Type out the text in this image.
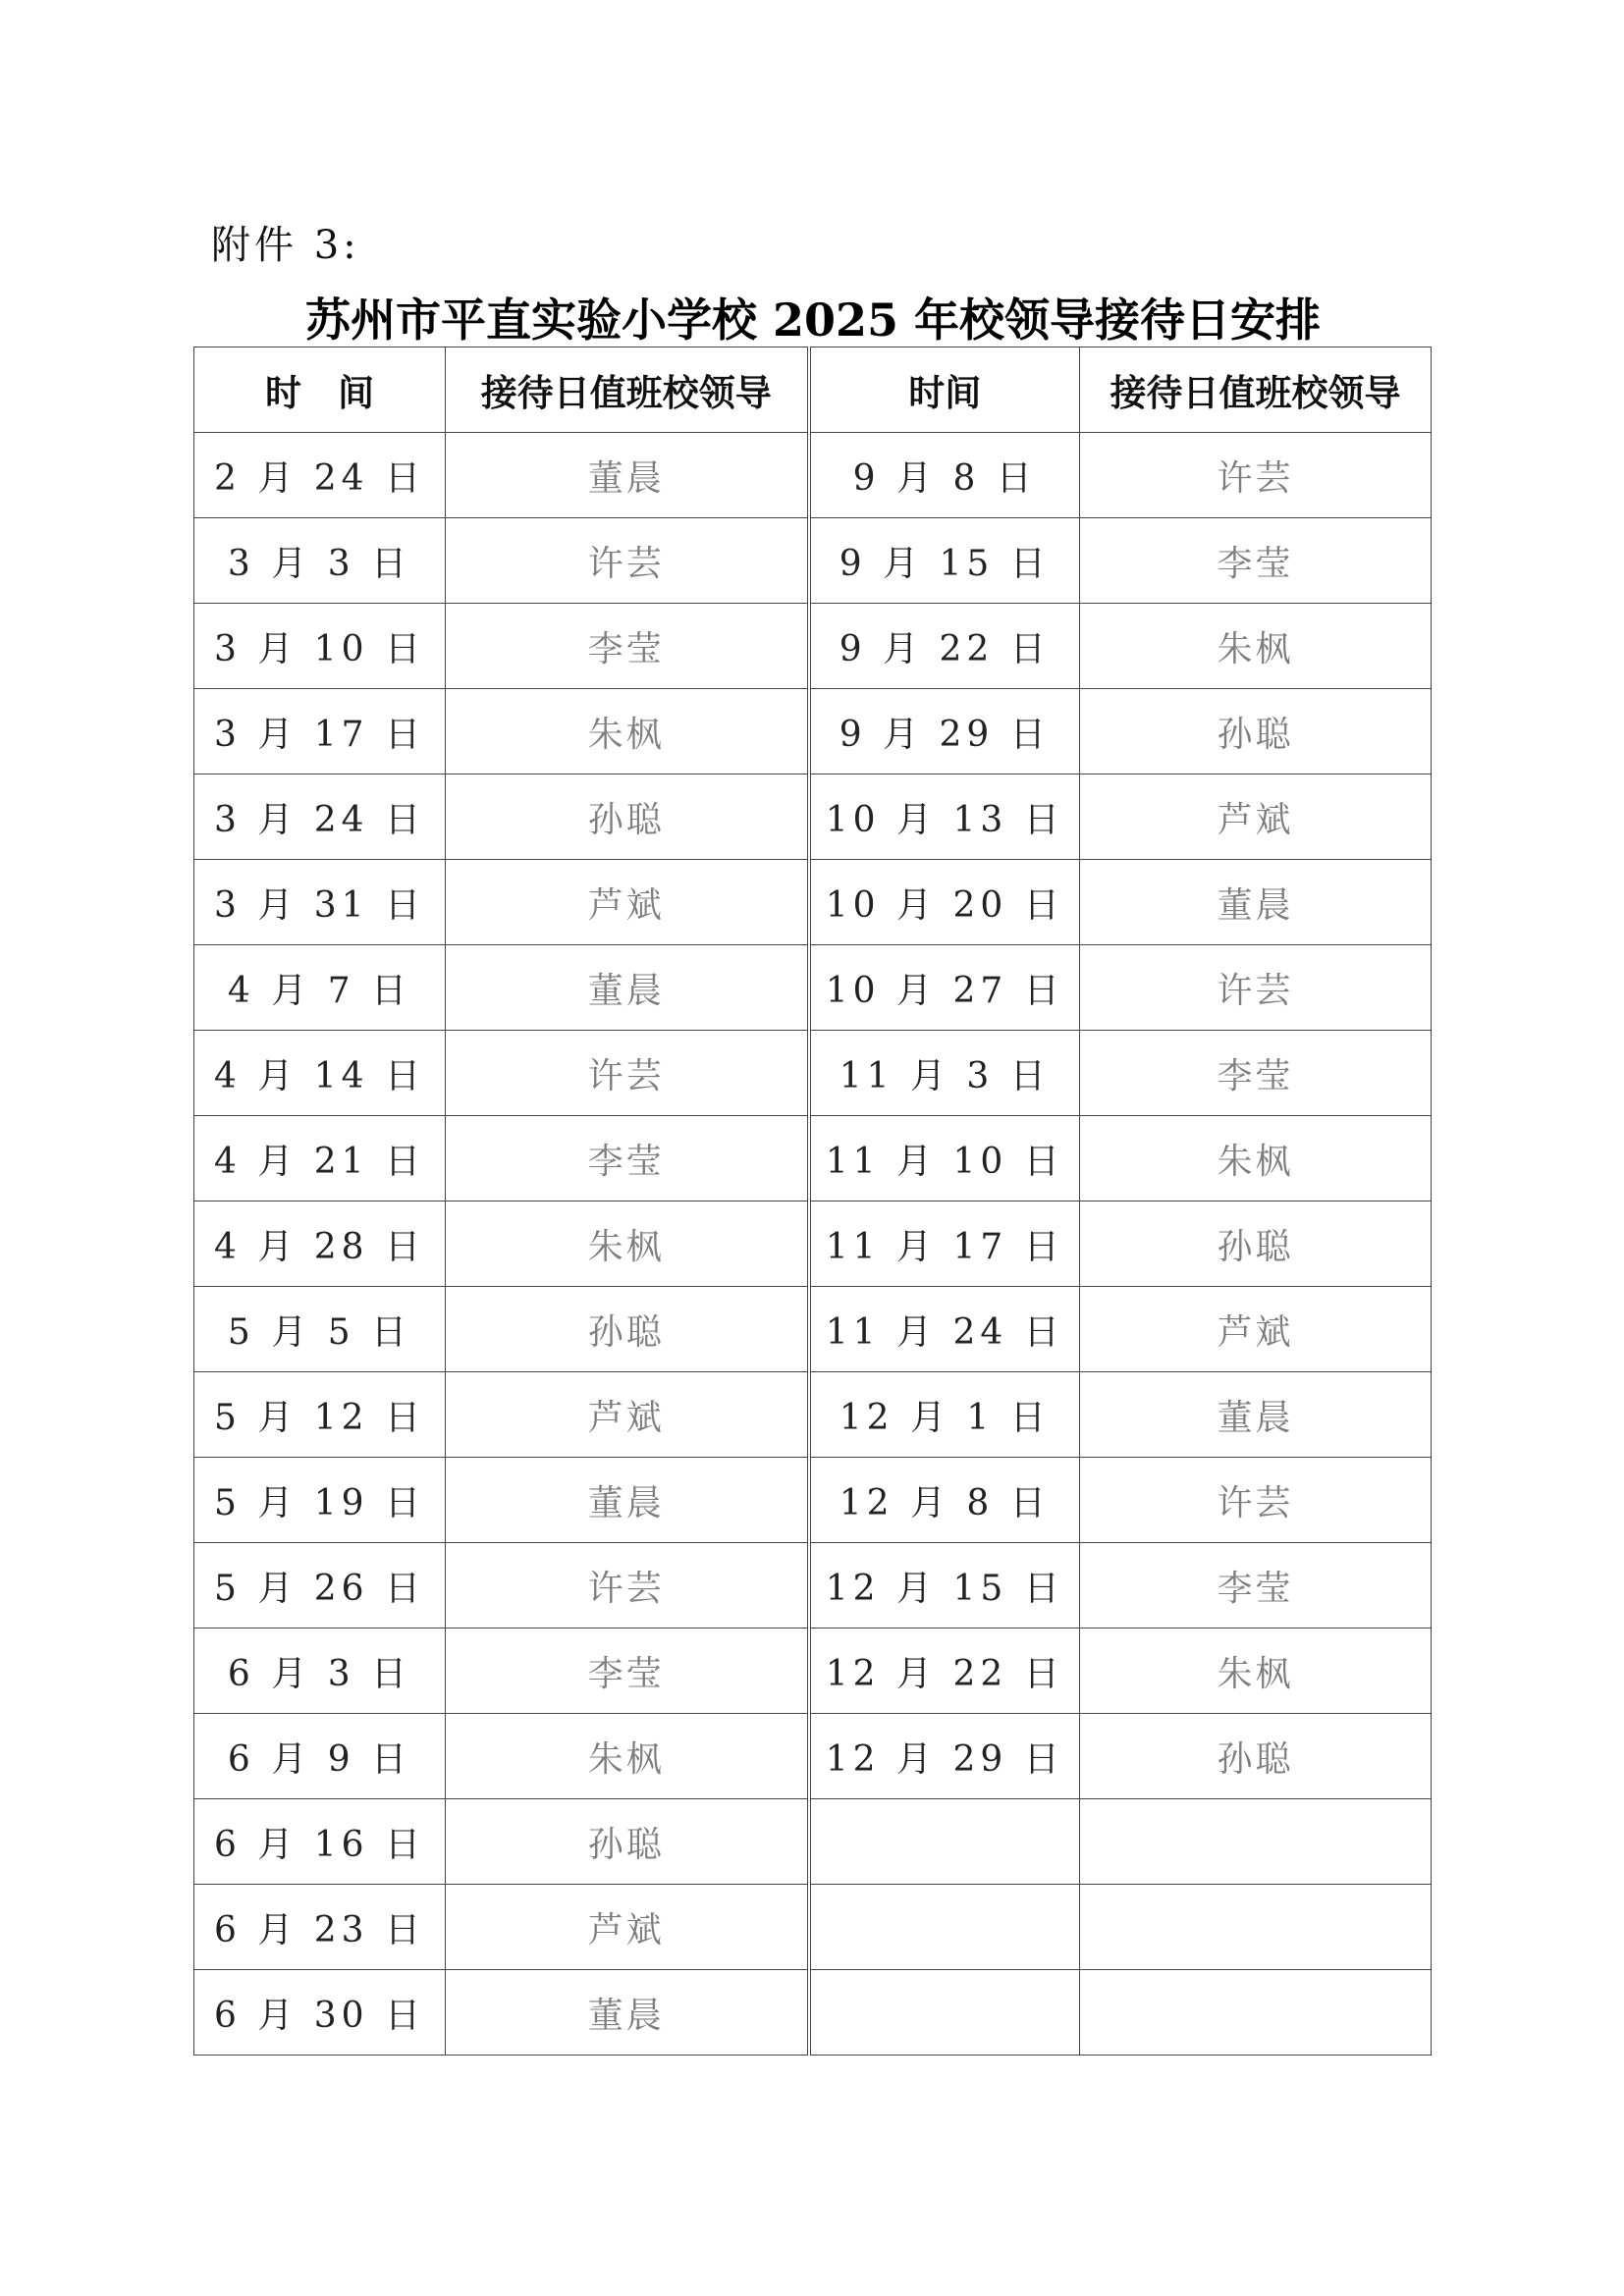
附件 3:
苏州市平直实验小学校 2025 年校领导接待日安排
时　间	接待日值班校领导	时间	接待日值班校领导
2 月 24 日	董晨	9 月 8 日	许芸
3 月 3 日	许芸	9 月 15 日	李莹
3 月 10 日	李莹	9 月 22 日	朱枫
3 月 17 日	朱枫	9 月 29 日	孙聪
3 月 24 日	孙聪	10 月 13 日	芦斌
3 月 31 日	芦斌	10 月 20 日	董晨
4 月 7 日	董晨	10 月 27 日	许芸
4 月 14 日	许芸	11 月 3 日	李莹
4 月 21 日	李莹	11 月 10 日	朱枫
4 月 28 日	朱枫	11 月 17 日	孙聪
5 月 5 日	孙聪	11 月 24 日	芦斌
5 月 12 日	芦斌	12 月 1 日	董晨
5 月 19 日	董晨	12 月 8 日	许芸
5 月 26 日	许芸	12 月 15 日	李莹
6 月 3 日	李莹	12 月 22 日	朱枫
6 月 9 日	朱枫	12 月 29 日	孙聪
6 月 16 日	孙聪		
6 月 23 日	芦斌		
6 月 30 日	董晨		
